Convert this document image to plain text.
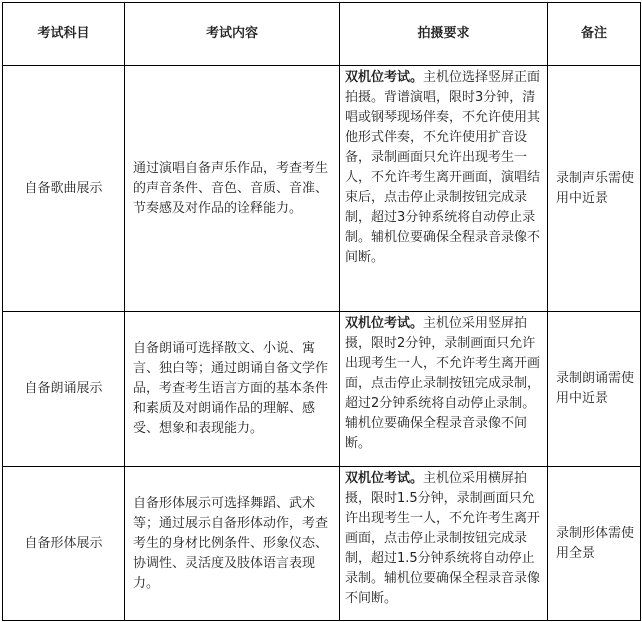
考试科目	考试内容	拍摄要求	备注
自备歌曲展示	通过演唱自备声乐作品，考查考生的声音条件、音色、音质、音准、节奏感及对作品的诠释能力。	双机位考试。主机位选择竖屏正面拍摄。背谱演唱，限时3分钟，清唱或钢琴现场伴奏，不允许使用其他形式伴奏，不允许使用扩音设备，录制画面只允许出现考生一人，不允许考生离开画面，演唱结束后，点击停止录制按钮完成录制，超过3分钟系统将自动停止录制。辅机位要确保全程录音录像不间断。	录制声乐需使用中近景
自备朗诵展示	自备朗诵可选择散文、小说、寓言、独白等；通过朗诵自备文学作品，考查考生语言方面的基本条件和素质及对朗诵作品的理解、感受、想象和表现能力。	双机位考试。主机位采用竖屏拍摄，限时2分钟，录制画面只允许出现考生一人，不允许考生离开画面，点击停止录制按钮完成录制，超过2分钟系统将自动停止录制。辅机位要确保全程录音录像不间断。	录制朗诵需使用中近景
自备形体展示	自备形体展示可选择舞蹈、武术等；通过展示自备形体动作，考查考生的身材比例条件、形象仪态、协调性、灵活度及肢体语言表现力。	双机位考试。主机位采用横屏拍摄，限时1.5分钟，录制画面只允许出现考生一人，不允许考生离开画面，点击停止录制按钮完成录制，超过1.5分钟系统将自动停止录制。辅机位要确保全程录音录像不间断。	录制形体需使用全景
